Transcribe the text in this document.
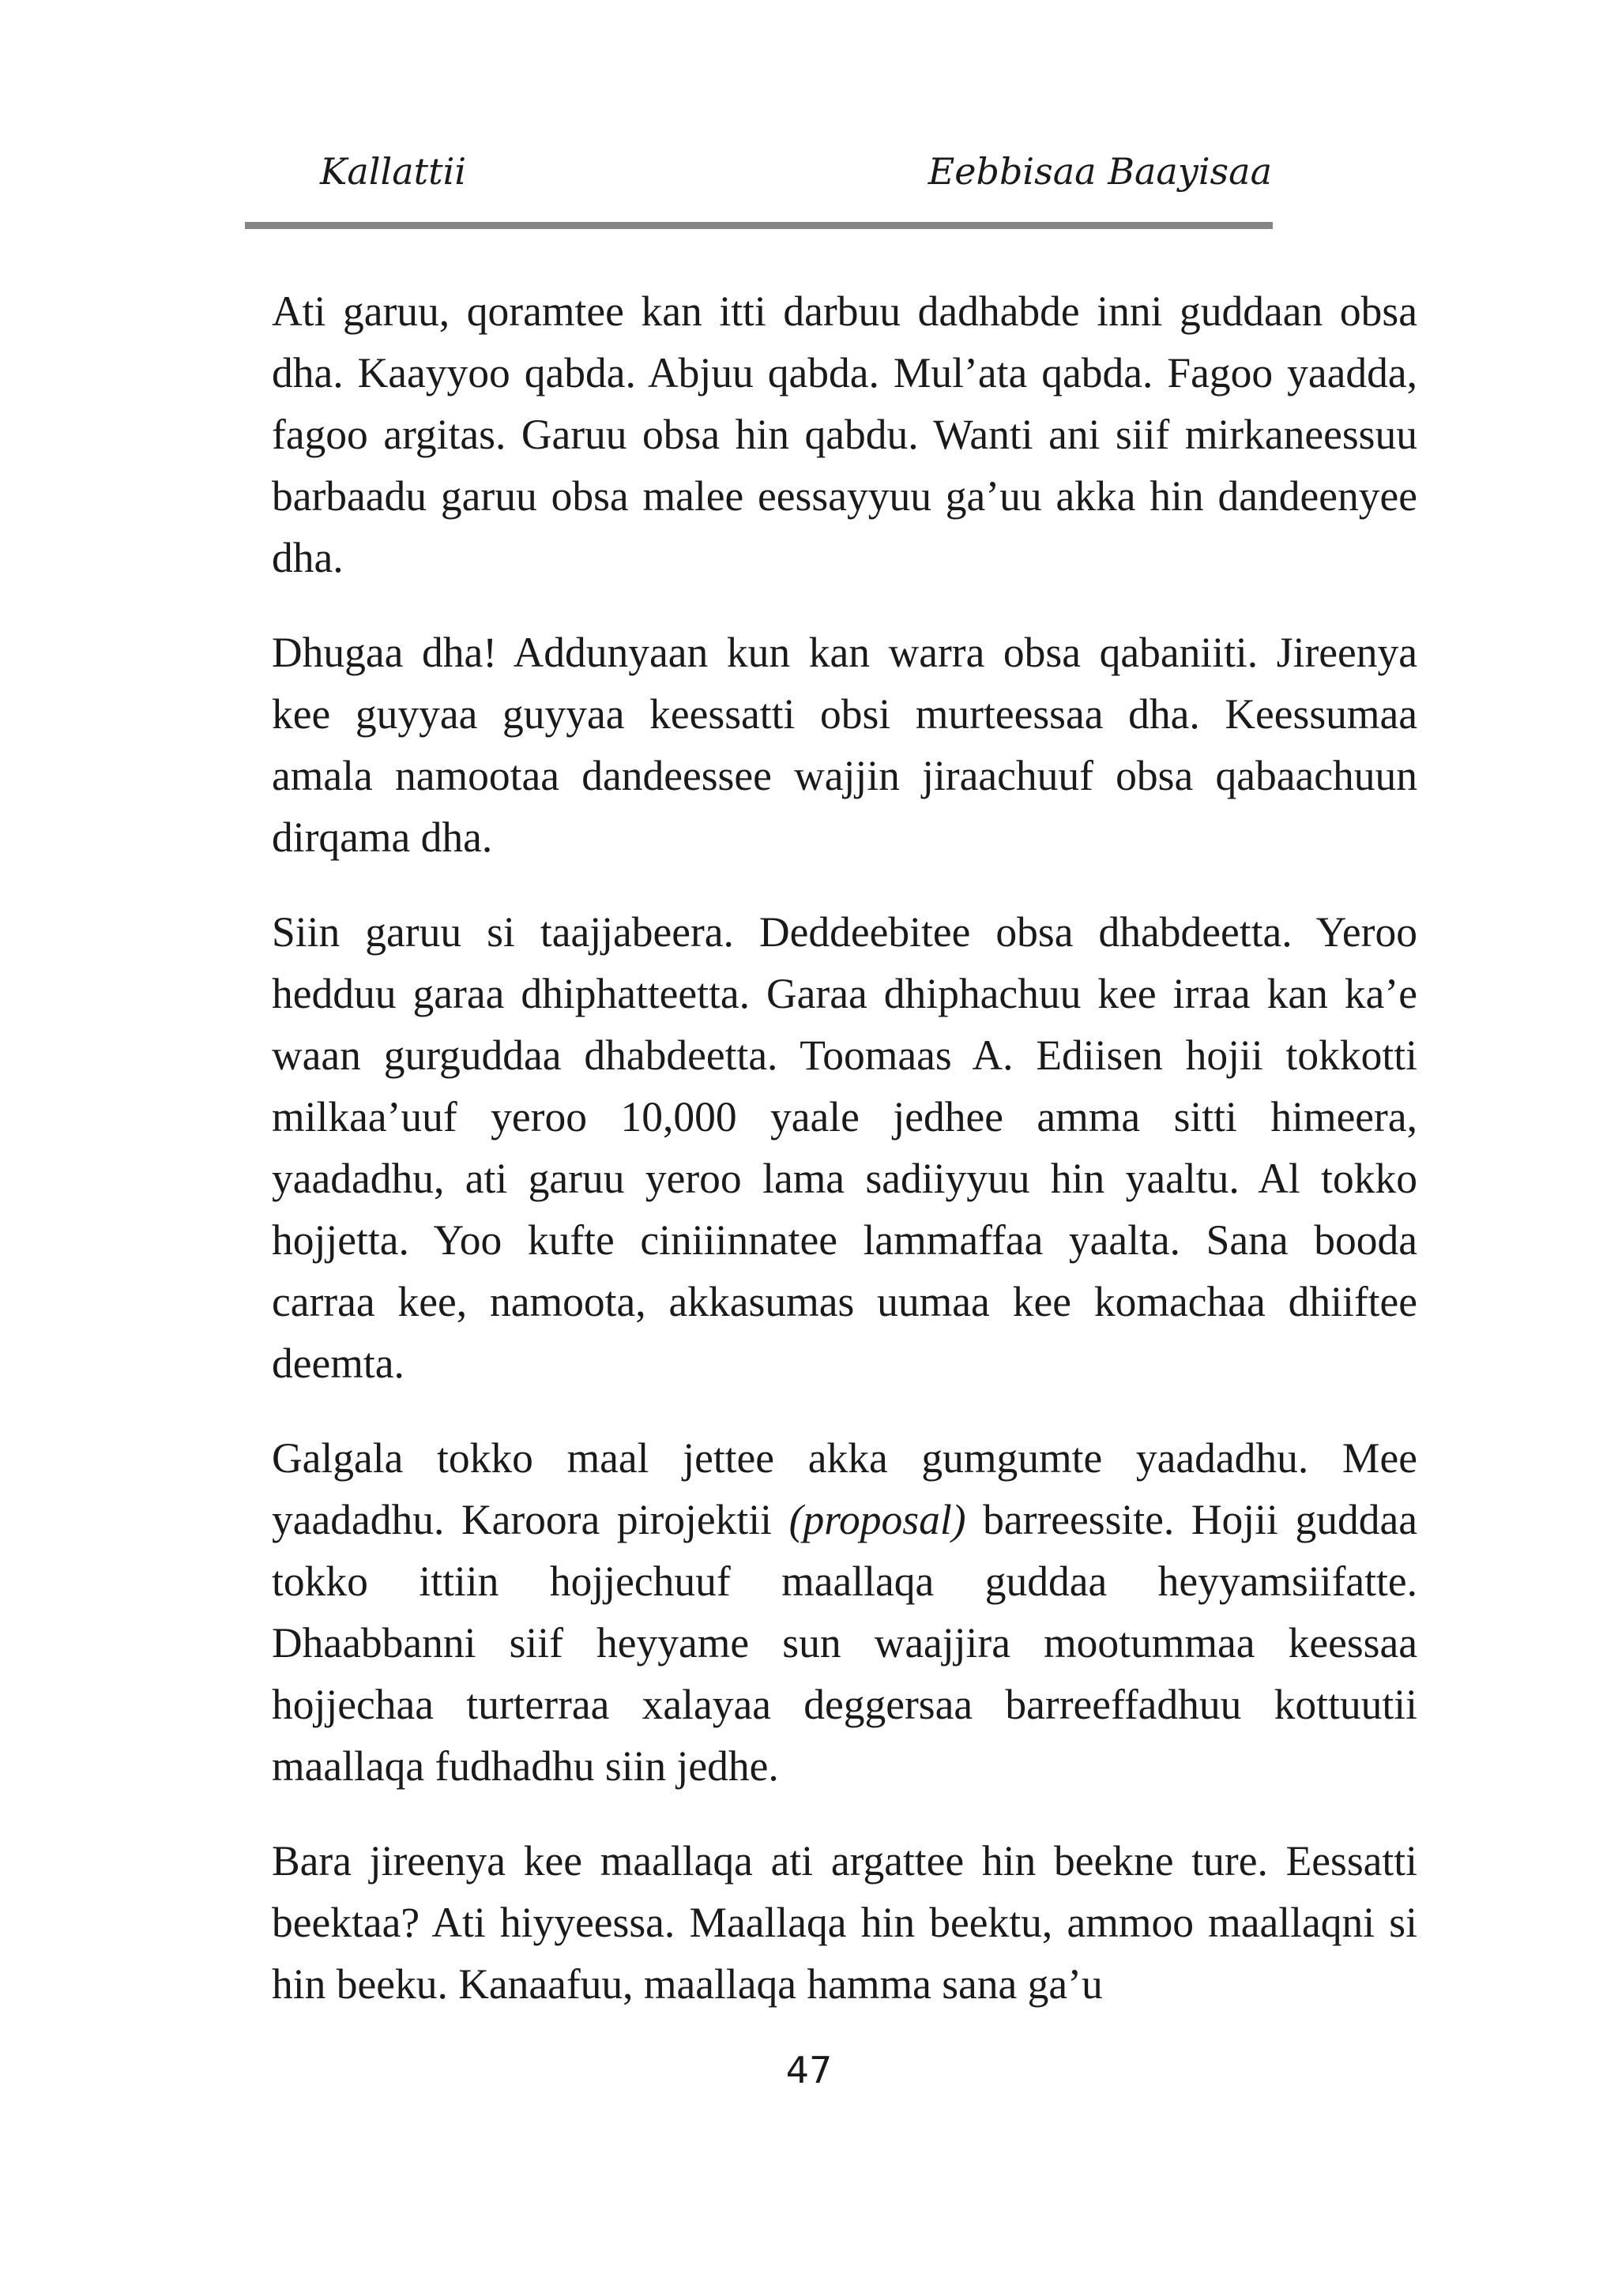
Kallattii	Eebbisaa Baayisaa

Ati garuu, qoramtee kan itti darbuu dadhabde inni guddaan obsa dha. Kaayyoo qabda. Abjuu qabda. Mul’ata qabda. Fagoo yaadda, fagoo argitas. Garuu obsa hin qabdu. Wanti ani siif mirkaneessuu barbaadu garuu obsa malee eessayyuu ga’uu akka hin dandeenyee dha.

Dhugaa dha! Addunyaan kun kan warra obsa qabaniiti. Jireenya kee guyyaa guyyaa keessatti obsi murteessaa dha. Keessumaa amala namootaa dandeessee wajjin jiraachuuf obsa qabaachuun dirqama dha.

Siin garuu si taajjabeera. Deddeebitee obsa dhabdeetta. Yeroo hedduu garaa dhiphatteetta. Garaa dhiphachuu kee irraa kan ka’e waan gurguddaa dhabdeetta. Toomaas A. Ediisen hojii tokkotti milkaa’uuf yeroo 10,000 yaale jedhee amma sitti himeera, yaadadhu, ati garuu yeroo lama sadiiyyuu hin yaaltu. Al tokko hojjetta. Yoo kufte ciniiinnatee lammaffaa yaalta. Sana booda carraa kee, namoota, akkasumas uumaa kee komachaa dhiiftee deemta.

Galgala tokko maal jettee akka gumgumte yaadadhu. Mee yaadadhu. Karoora pirojektii (proposal) barreessite. Hojii guddaa tokko ittiin hojjechuuf maallaqa guddaa heyyamsiifatte. Dhaabbanni siif heyyame sun waajjira mootummaa keessaa hojjechaa turterraa xalayaa deggersaa barreeffadhuu kottuutii maallaqa fudhadhu siin jedhe.

Bara jireenya kee maallaqa ati argattee hin beekne ture. Eessatti beektaa? Ati hiyyeessa. Maallaqa hin beektu, ammoo maallaqni si hin beeku. Kanaafuu, maallaqa hamma sana ga’u

47
